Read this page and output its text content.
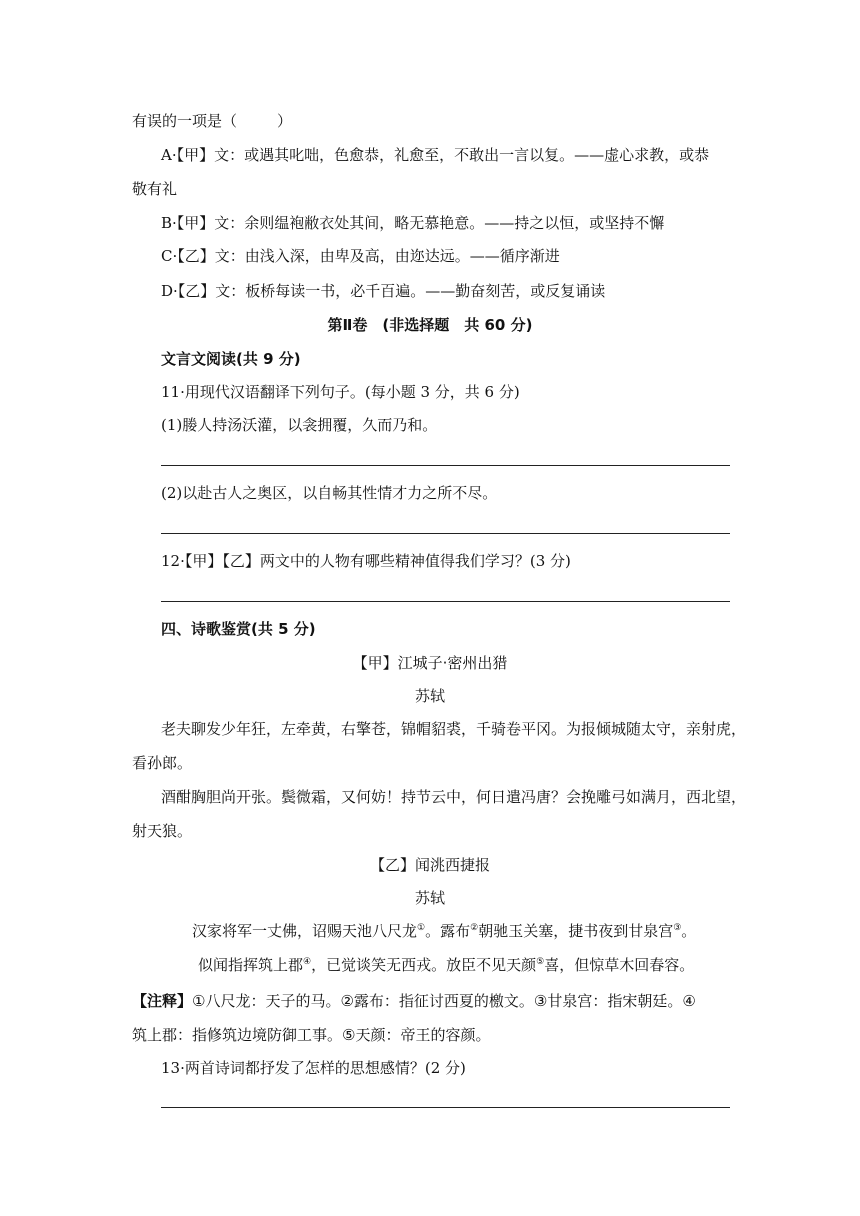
有误的一项是（	）
A·【甲】文：或遇其叱咄，色愈恭，礼愈至，不敢出一言以复。——虚心求教，或恭
敬有礼
B·【甲】文：余则缊袍敝衣处其间，略无慕艳意。——持之以恒，或坚持不懈
C·【乙】文：由浅入深，由卑及高，由迩达远。——循序渐进
D·【乙】文：板桥每读一书，必千百遍。——勤奋刻苦，或反复诵读
第Ⅱ卷　(非选择题　共 60 分)
文言文阅读(共 9 分)
11·用现代汉语翻译下列句子。(每小题 3 分，共 6 分)
(1)媵人持汤沃灌，以衾拥覆，久而乃和。
(2)以赴古人之奥区，以自畅其性情才力之所不尽。
12·【甲】【乙】两文中的人物有哪些精神值得我们学习？(3 分)
四、诗歌鉴赏(共 5 分)
【甲】江城子·密州出猎
苏轼
老夫聊发少年狂，左牵黄，右擎苍，锦帽貂裘，千骑卷平冈。为报倾城随太守，亲射虎，
看孙郎。
酒酣胸胆尚开张。鬓微霜，又何妨！持节云中，何日遣冯唐？会挽雕弓如满月，西北望，
射天狼。
【乙】闻洮西捷报
苏轼
汉家将军一丈佛，诏赐天池八尺龙①。露布②朝驰玉关塞，捷书夜到甘泉宫③。
似闻指挥筑上郡④，已觉谈笑无西戎。放臣不见天颜⑤喜，但惊草木回春容。
【注释】①八尺龙：天子的马。②露布：指征讨西夏的檄文。③甘泉宫：指宋朝廷。④
筑上郡：指修筑边境防御工事。⑤天颜：帝王的容颜。
13·两首诗词都抒发了怎样的思想感情？(2 分)
